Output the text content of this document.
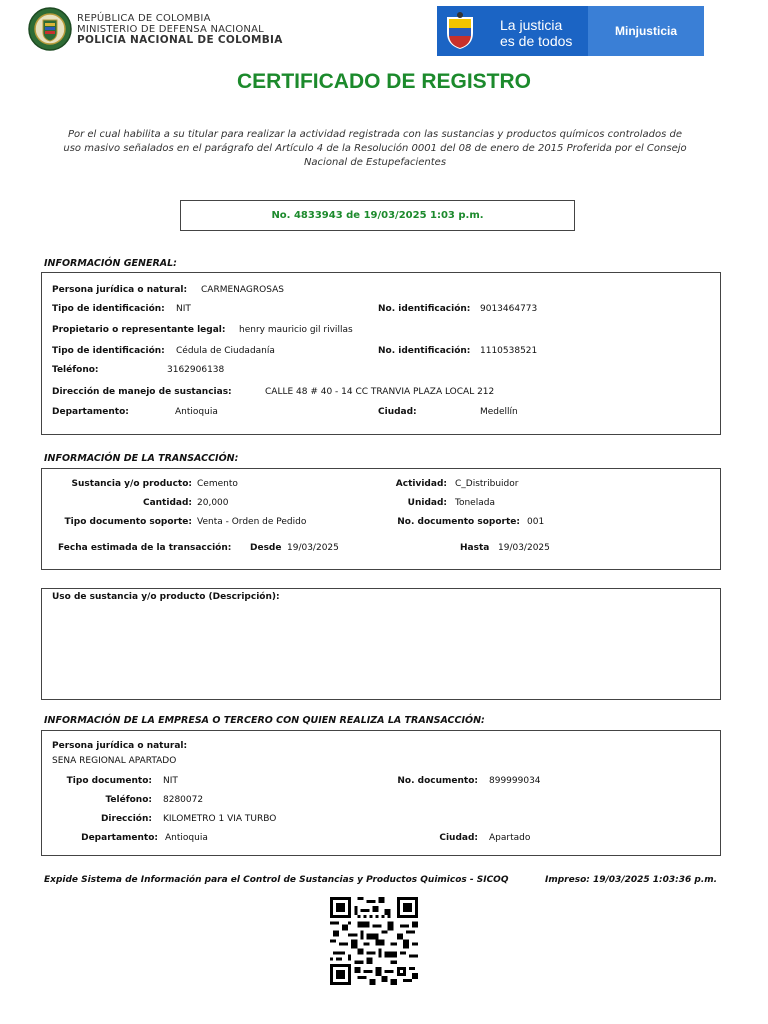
REPÚBLICA DE COLOMBIA
MINISTERIO DE DEFENSA NACIONAL
POLICIA NACIONAL DE COLOMBIA
La justicia
es de todos
Minjusticia
CERTIFICADO DE REGISTRO
Por el cual habilita a su titular para realizar la actividad registrada con las sustancias y productos químicos controlados de uso masivo señalados en el parágrafo del Artículo 4 de la Resolución 0001 del 08 de enero de 2015 Proferida por el Consejo Nacional de Estupefacientes
No. 4833943 de 19/03/2025 1:03 p.m.
INFORMACIÓN GENERAL:
Persona jurídica o natural: CARMENAGROSAS
Tipo de identificación: NIT	No. identificación: 9013464773
Propietario o representante legal: henry mauricio gil rivillas
Tipo de identificación: Cédula de Ciudadanía	No. identificación: 1110538521
Teléfono:	3162906138
Dirección de manejo de sustancias:	CALLE 48 # 40 - 14 CC TRANVIA PLAZA LOCAL 212
Departamento:	Antioquia	Ciudad:	Medellín
INFORMACIÓN DE LA TRANSACCIÓN:
Sustancia y/o producto: Cemento	Actividad: C_Distribuidor
Cantidad: 20,000	Unidad: Tonelada
Tipo documento soporte: Venta - Orden de Pedido	No. documento soporte: 001
Fecha estimada de la transacción: Desde 19/03/2025	Hasta 19/03/2025
Uso de sustancia y/o producto (Descripción):
INFORMACIÓN DE LA EMPRESA O TERCERO CON QUIEN REALIZA LA TRANSACCIÓN:
Persona jurídica o natural:
SENA REGIONAL APARTADO
Tipo documento: NIT	No. documento: 899999034
Teléfono: 8280072
Dirección: KILOMETRO 1 VIA TURBO
Departamento: Antioquia	Ciudad: Apartado
Expide Sistema de Información para el Control de Sustancias y Productos Quimicos - SICOQ	Impreso: 19/03/2025 1:03:36 p.m.
